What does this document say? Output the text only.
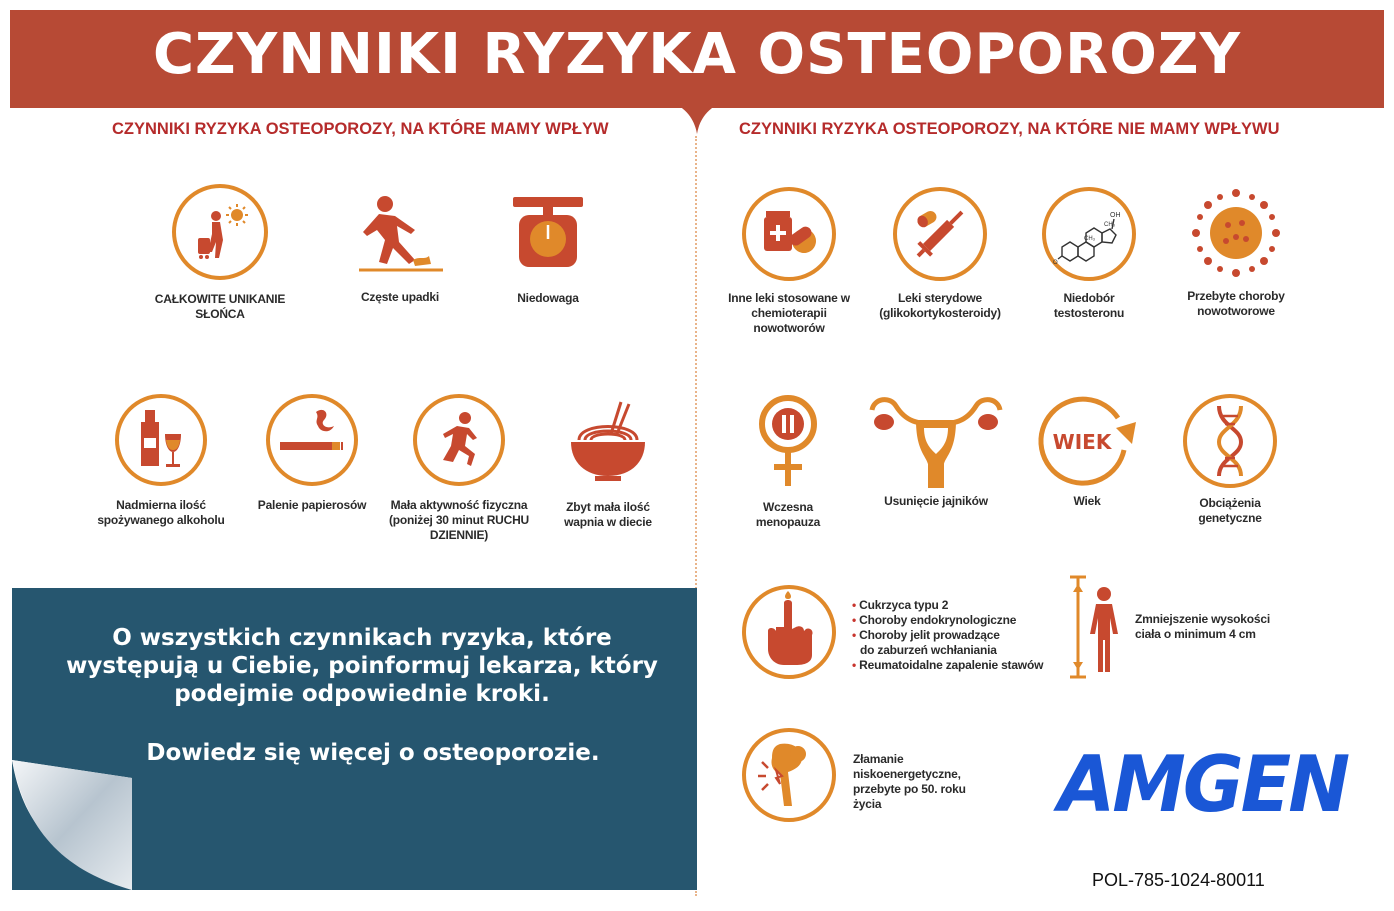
CZYNNIKI RYZYKA OSTEOPOROZY
CZYNNIKI RYZYKA OSTEOPOROZY, NA KTÓRE MAMY WPŁYW	CZYNNIKI RYZYKA OSTEOPOROZY, NA KTÓRE NIE MAMY WPŁYWU
CAŁKOWITE UNIKANIE SŁOŃCA
Częste upadki	Niedowaga
Nadmierna ilość spożywanego alkoholu
Palenie papierosów	Mała aktywność fizyczna (poniżej 30 minut RUCHU DZIENNIE)
Zbyt mała ilość wapnia w diecie
Inne leki stosowane w chemioterapii nowotworów
Leki sterydowe (glikokortykosteroidy)
OH
CH₃
CH₃
O
Niedobór testosteronu
Przebyte choroby nowotworowe
Wczesna menopauza
Usunięcie jajników
WIEK
Wiek	Obciążenia genetyczne
• Cukrzyca typu 2
• Choroby endokrynologiczne
• Choroby jelit prowadzące
do zaburzeń wchłaniania
• Reumatoidalne zapalenie stawów
Zmniejszenie wysokości ciała o minimum 4 cm
Złamanie niskoenergetyczne, przebyte po 50. roku życia
O wszystkich czynnikach ryzyka, które występują u Ciebie, poinformuj lekarza, który podejmie odpowiednie kroki.
Dowiedz się więcej o osteoporozie.	AMGEN
POL-785-1024-80011
